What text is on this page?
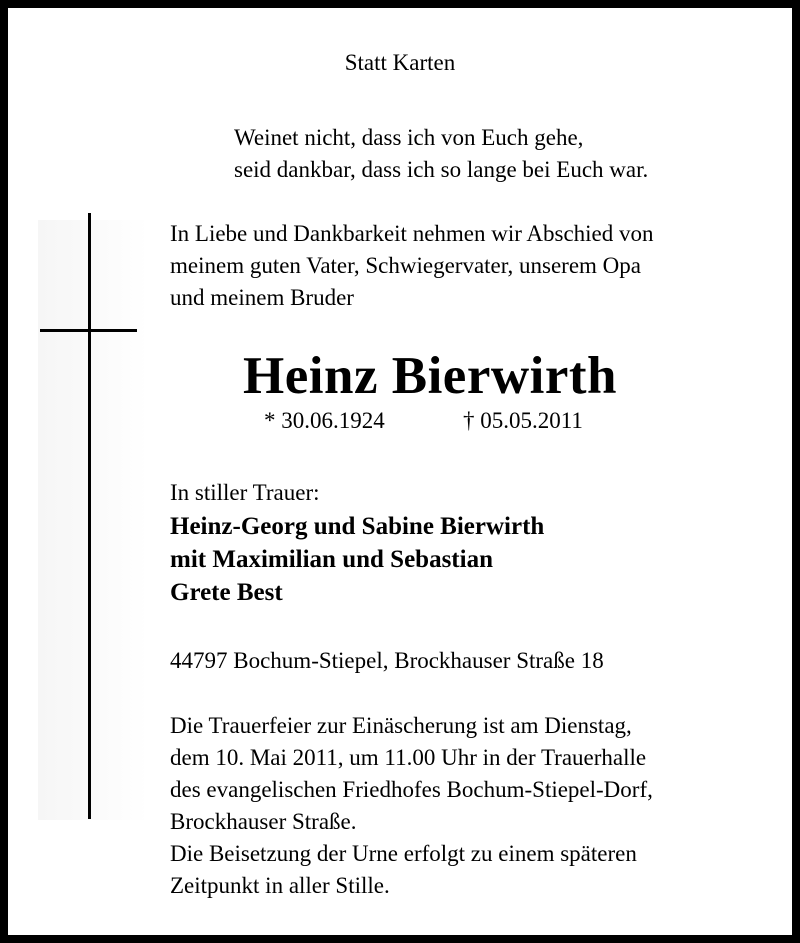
Statt Karten
Weinet nicht, dass ich von Euch gehe,
seid dankbar, dass ich so lange bei Euch war.
In Liebe und Dankbarkeit nehmen wir Abschied von
meinem guten Vater, Schwiegervater, unserem Opa
und meinem Bruder
Heinz Bierwirth
* 30.06.1924	† 05.05.2011
In stiller Trauer:
Heinz-Georg und Sabine Bierwirth
mit Maximilian und Sebastian
Grete Best
44797 Bochum-Stiepel, Brockhauser Straße 18
Die Trauerfeier zur Einäscherung ist am Dienstag,
dem 10. Mai 2011, um 11.00 Uhr in der Trauerhalle
des evangelischen Friedhofes Bochum-Stiepel-Dorf,
Brockhauser Straße.
Die Beisetzung der Urne erfolgt zu einem späteren
Zeitpunkt in aller Stille.
